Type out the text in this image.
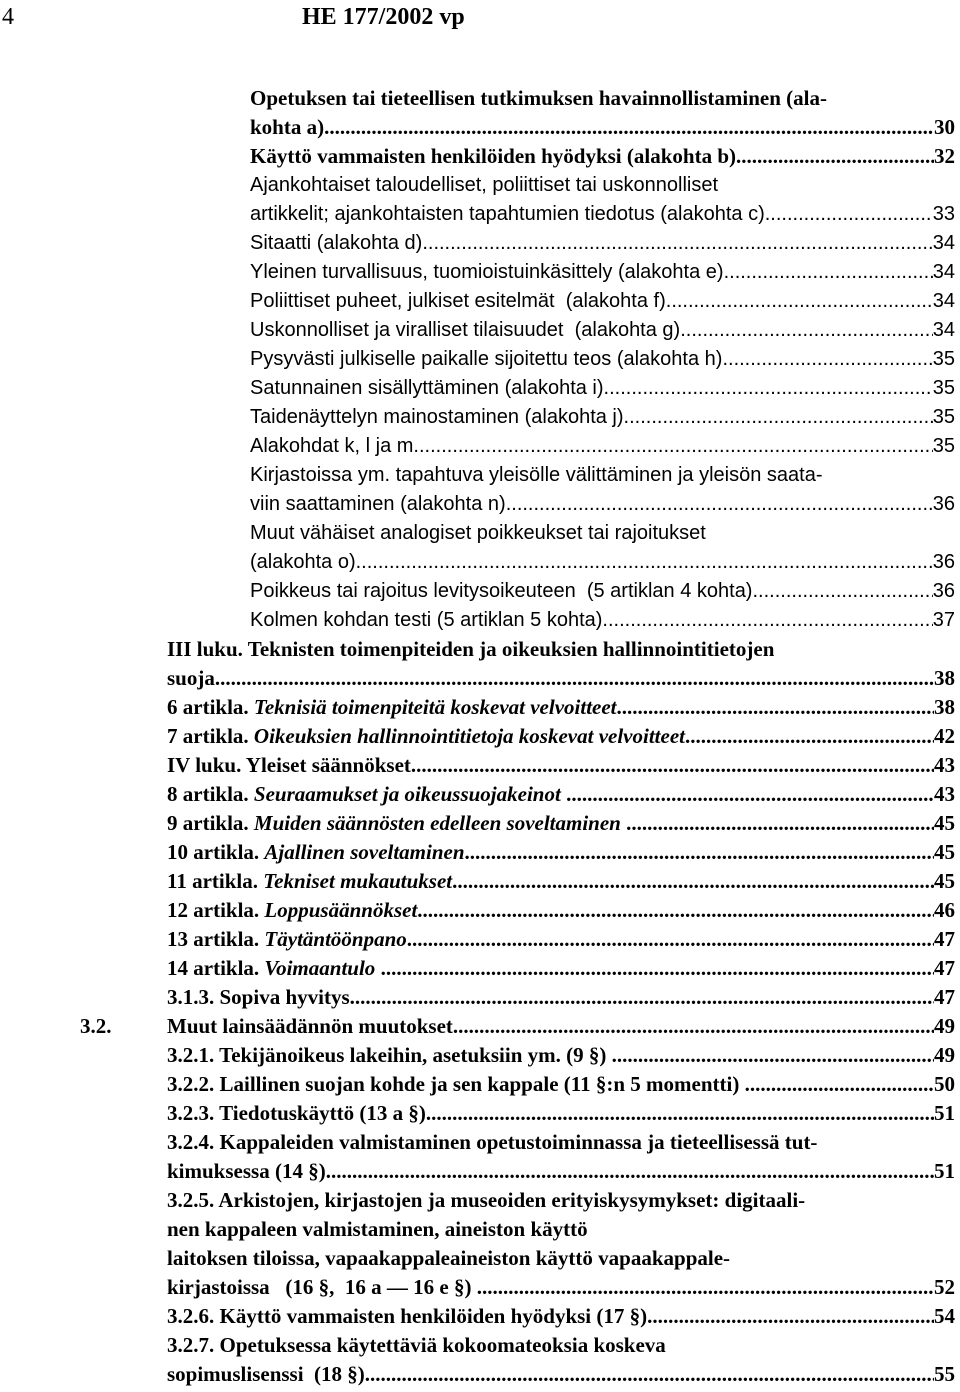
4	HE 177/2002 vp
Opetuksen tai tieteellisen tutkimuksen havainnollistaminen (ala-
kohta a). .....	30
Käyttö vammaisten henkilöiden hyödyksi (alakohta b). .....	32
Ajankohtaiset taloudelliset, poliittiset tai uskonnolliset
artikkelit; ajankohtaisten tapahtumien tiedotus (alakohta c) .....	33
Sitaatti (alakohta d) .....	34
Yleinen turvallisuus, tuomioistuinkäsittely (alakohta e) .....	34
Poliittiset puheet, julkiset esitelmät  (alakohta f) .....	34
Uskonnolliset ja viralliset tilaisuudet  (alakohta g) .....	34
Pysyvästi julkiselle paikalle sijoitettu teos (alakohta h) .....	35
Satunnainen sisällyttäminen (alakohta i) .....	35
Taidenäyttelyn mainostaminen (alakohta j) .....	35
Alakohdat k, l ja m .....	35
Kirjastoissa ym. tapahtuva yleisölle välittäminen ja yleisön saata-
viin saattaminen (alakohta n) .....	36
Muut vähäiset analogiset poikkeukset tai rajoitukset
(alakohta o) .....	36
Poikkeus tai rajoitus levitysoikeuteen  (5 artiklan 4 kohta) .....	36
Kolmen kohdan testi (5 artiklan 5 kohta) .....	37
III luku. Teknisten toimenpiteiden ja oikeuksien hallinnointitietojen
suoja .....	38
6 artikla. Teknisiä toimenpiteitä koskevat velvoitteet .....	38
7 artikla. Oikeuksien hallinnointitietoja koskevat velvoitteet .....	42
IV luku. Yleiset säännökset .....	43
8 artikla. Seuraamukset ja oikeussuojakeinot .....	43
9 artikla. Muiden säännösten edelleen soveltaminen .....	45
10 artikla. Ajallinen soveltaminen .....	45
11 artikla. Tekniset mukautukset .....	45
12 artikla. Loppusäännökset .....	46
13 artikla. Täytäntöönpano .....	47
14 artikla. Voimaantulo .....	47
3.1.3. Sopiva hyvitys .....	47
3.2.	Muut lainsäädännön muutokset .....	49
3.2.1. Tekijänoikeus lakeihin, asetuksiin ym. (9 §) .....	49
3.2.2. Laillinen suojan kohde ja sen kappale (11 §:n 5 momentti) .....	50
3.2.3. Tiedotuskäyttö (13 a §) .....	51
3.2.4. Kappaleiden valmistaminen opetustoiminnassa ja tieteellisessä tut-
kimuksessa (14 §) .....	51
3.2.5. Arkistojen, kirjastojen ja museoiden erityiskysymykset: digitaali-
nen kappaleen valmistaminen, aineiston käyttö
laitoksen tiloissa, vapaakappaleaineiston käyttö vapaakappale-
kirjastoissa   (16 §,  16 a — 16 e §) .....	52
3.2.6. Käyttö vammaisten henkilöiden hyödyksi (17 §) .....	54
3.2.7. Opetuksessa käytettäviä kokoomateoksia koskeva
sopimuslisenssi  (18 §) .....	55
